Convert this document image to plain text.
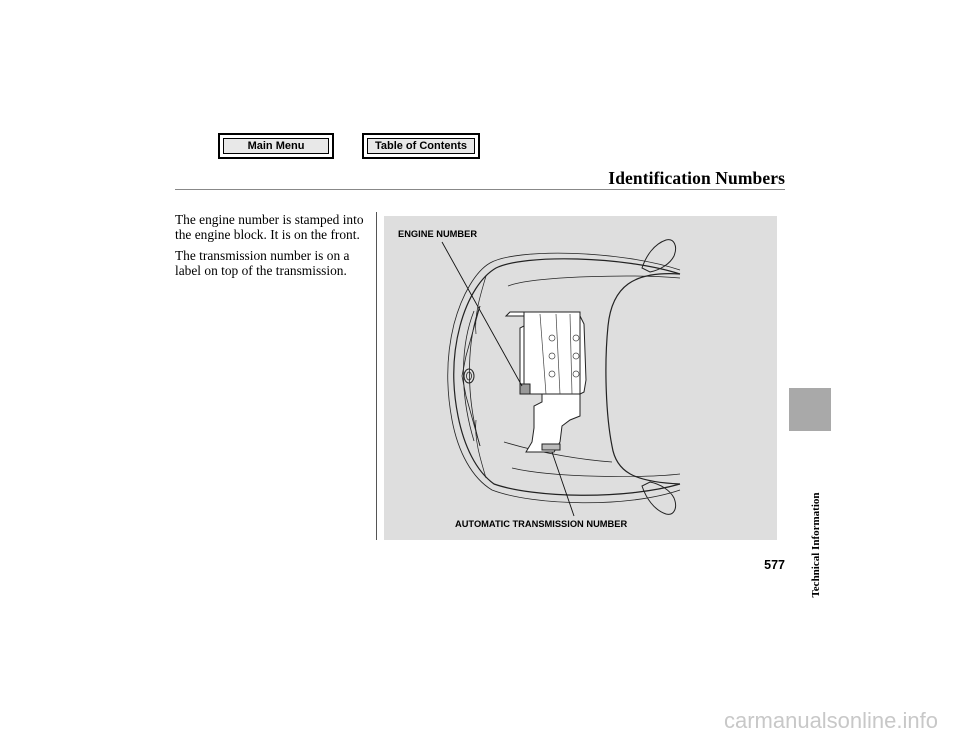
Main Menu	Table of Contents
Identification Numbers

The engine number is stamped into the engine block. It is on the front.

The transmission number is on a label on top of the transmission.

ENGINE NUMBER
AUTOMATIC TRANSMISSION NUMBER	Technical Information
577
carmanualsonline.info
